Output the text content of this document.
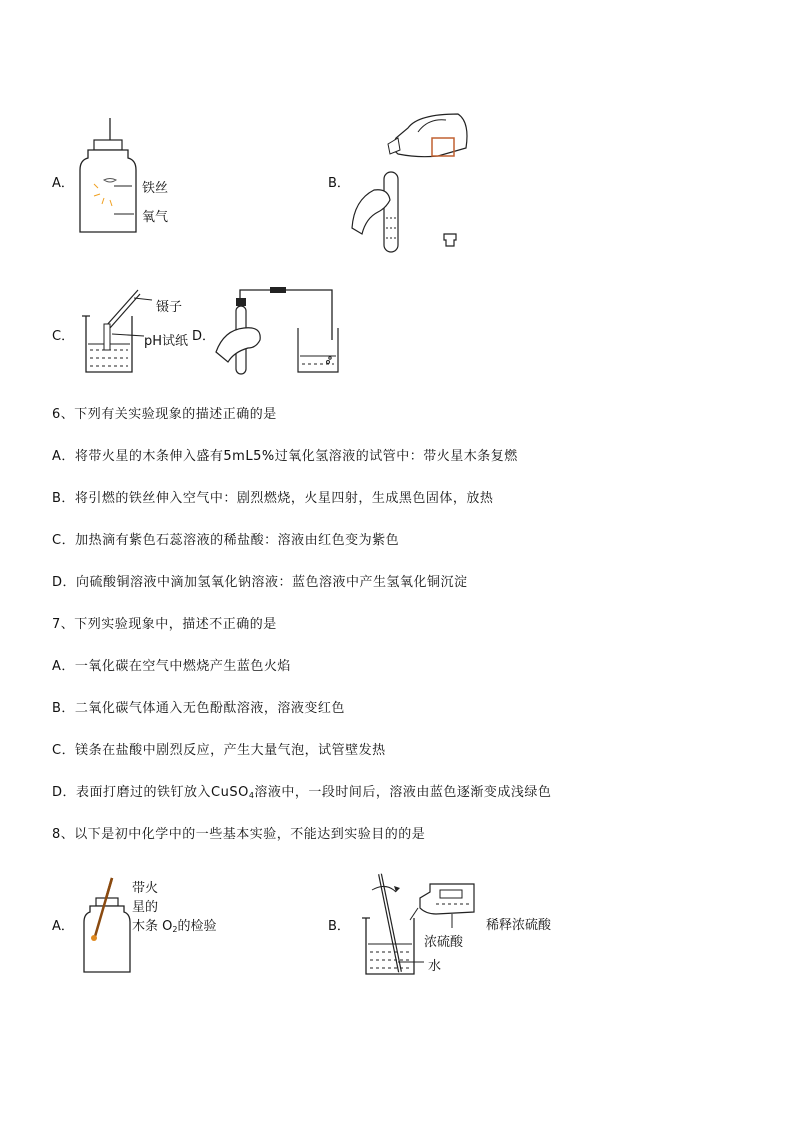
A．	铁丝
氧气
B．
C．
镊子
pH试纸 D．
6、下列有关实验现象的描述正确的是
A．将带火星的木条伸入盛有5mL5%过氧化氢溶液的试管中：带火星木条复燃
B．将引燃的铁丝伸入空气中：剧烈燃烧，火星四射，生成黑色固体，放热
C．加热滴有紫色石蕊溶液的稀盐酸：溶液由红色变为紫色
D．向硫酸铜溶液中滴加氢氧化钠溶液：蓝色溶液中产生氢氧化铜沉淀
7、下列实验现象中，描述不正确的是
A．一氧化碳在空气中燃烧产生蓝色火焰
B．二氧化碳气体通入无色酚酞溶液，溶液变红色
C．镁条在盐酸中剧烈反应，产生大量气泡，试管壁发热
D．表面打磨过的铁钉放入CuSO$_4$溶液中，一段时间后，溶液由蓝色逐渐变成浅绿色
8、以下是初中化学中的一些基本实验，不能达到实验目的的是
A．
带火
星的
木条 $O_2$的检验	B．
浓硫酸
水
稀释浓硫酸
